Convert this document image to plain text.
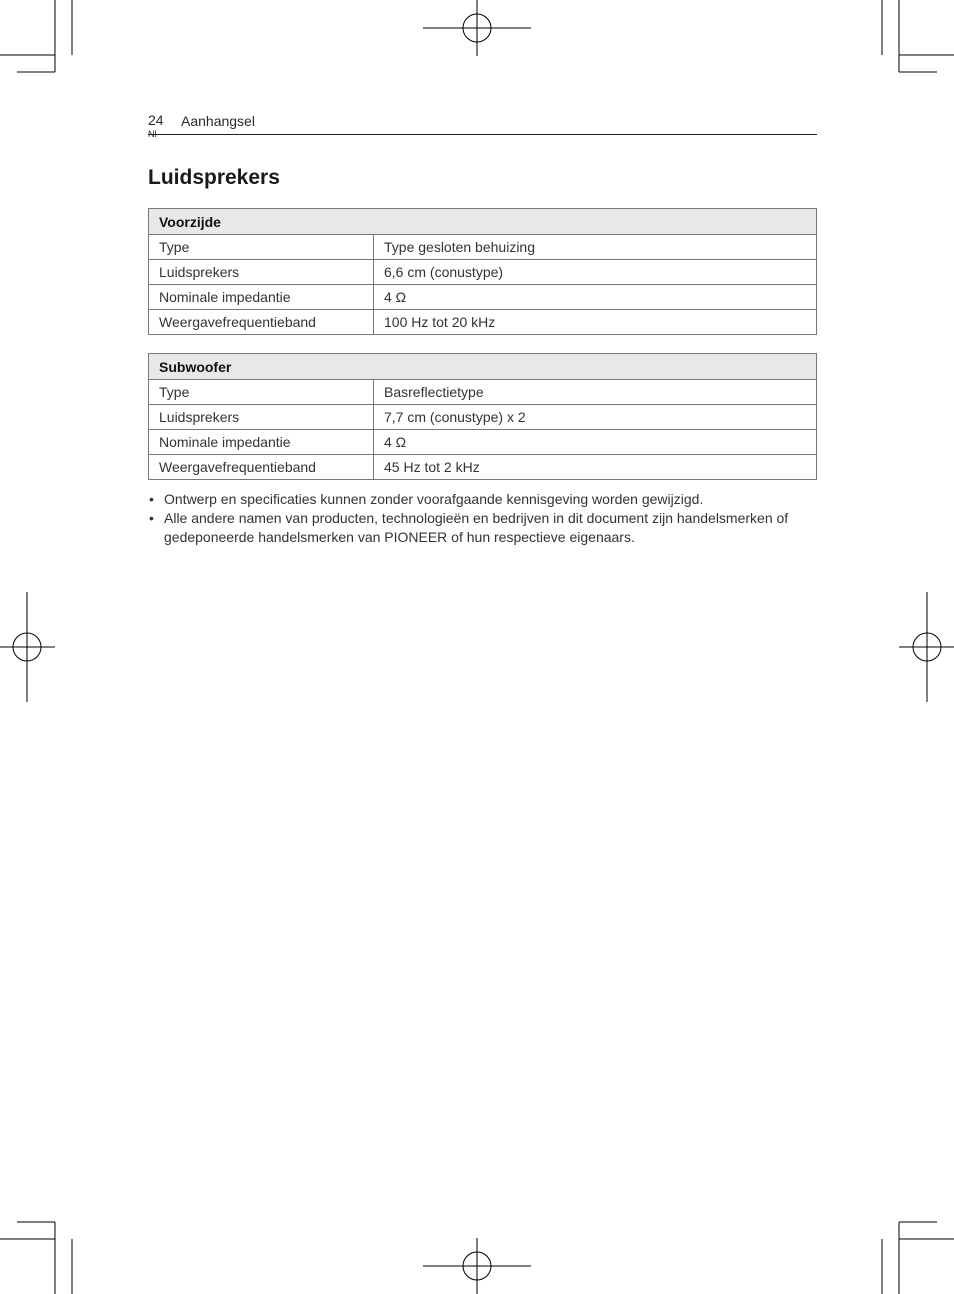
24
Nl
Aanhangsel
Luidsprekers
Voorzijde	
Type	Type gesloten behuizing
Luidsprekers	6,6 cm (conustype)
Nominale impedantie	4 Ω
Weergavefrequentieband	100 Hz tot 20 kHz
Subwoofer	
Type	Basreflectietype
Luidsprekers	7,7 cm (conustype) x 2
Nominale impedantie	4 Ω
Weergavefrequentieband	45 Hz tot 2 kHz
• Ontwerp en specificaties kunnen zonder voorafgaande kennisgeving worden gewijzigd.
• Alle andere namen van producten, technologieën en bedrijven in dit document zijn handelsmerken of gedeponeerde handelsmerken van PIONEER of hun respectieve eigenaars.
